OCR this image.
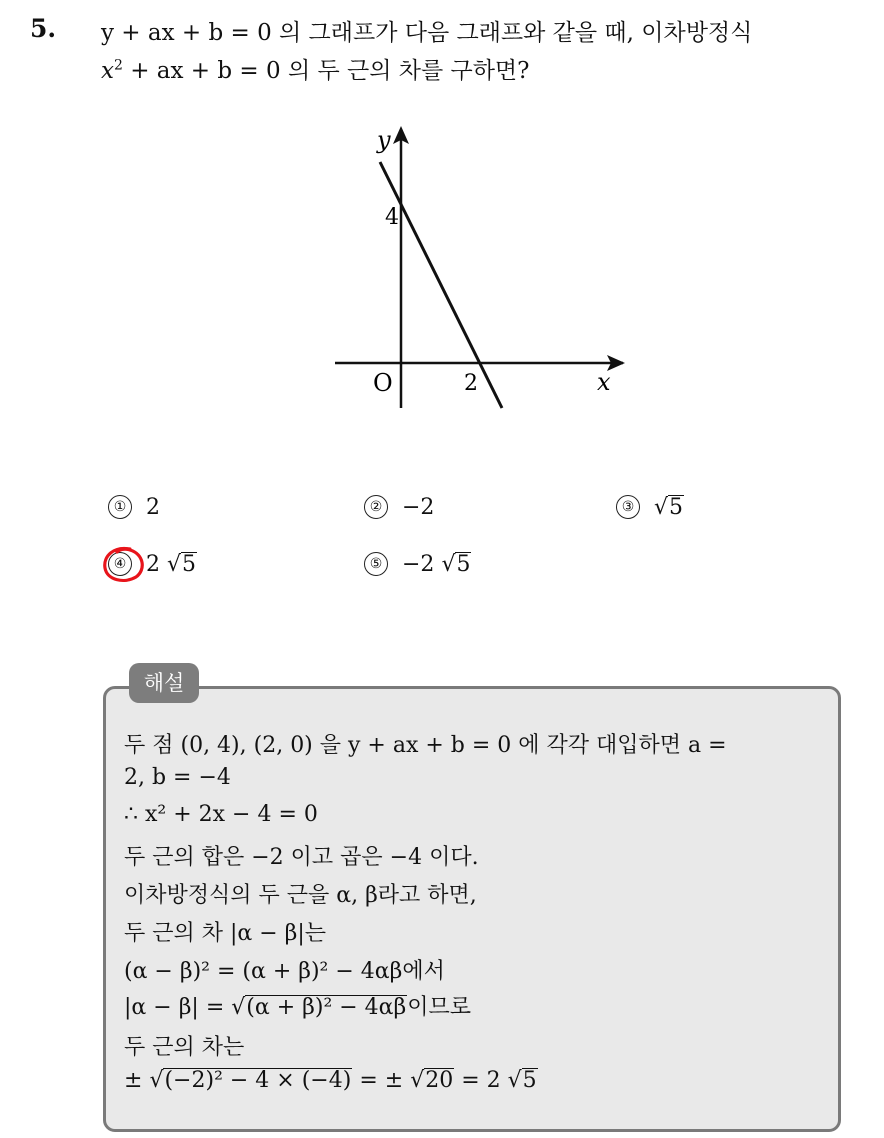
5. y + ax + b = 0 의 그래프가 다음 그래프와 같을 때, 이차방정식
$x^2$ + ax + b = 0 의 두 근의 차를 구하면?
y
4
O	2	x
① 2	② −2	③ √5
④ 2 √5	⑤ −2 √5
해설
두 점 (0, 4), (2, 0) 을 y + ax + b = 0 에 각각 대입하면 a =
2, b = −4
∴ x² + 2x − 4 = 0
두 근의 합은 −2 이고 곱은 −4 이다.
이차방정식의 두 근을 α, β라고 하면,
두 근의 차 |α − β|는
(α − β)² = (α + β)² − 4αβ에서
|α − β| = √(α + β)² − 4αβ이므로
두 근의 차는
± √(−2)² − 4 × (−4) = ± √20 = 2 √5
